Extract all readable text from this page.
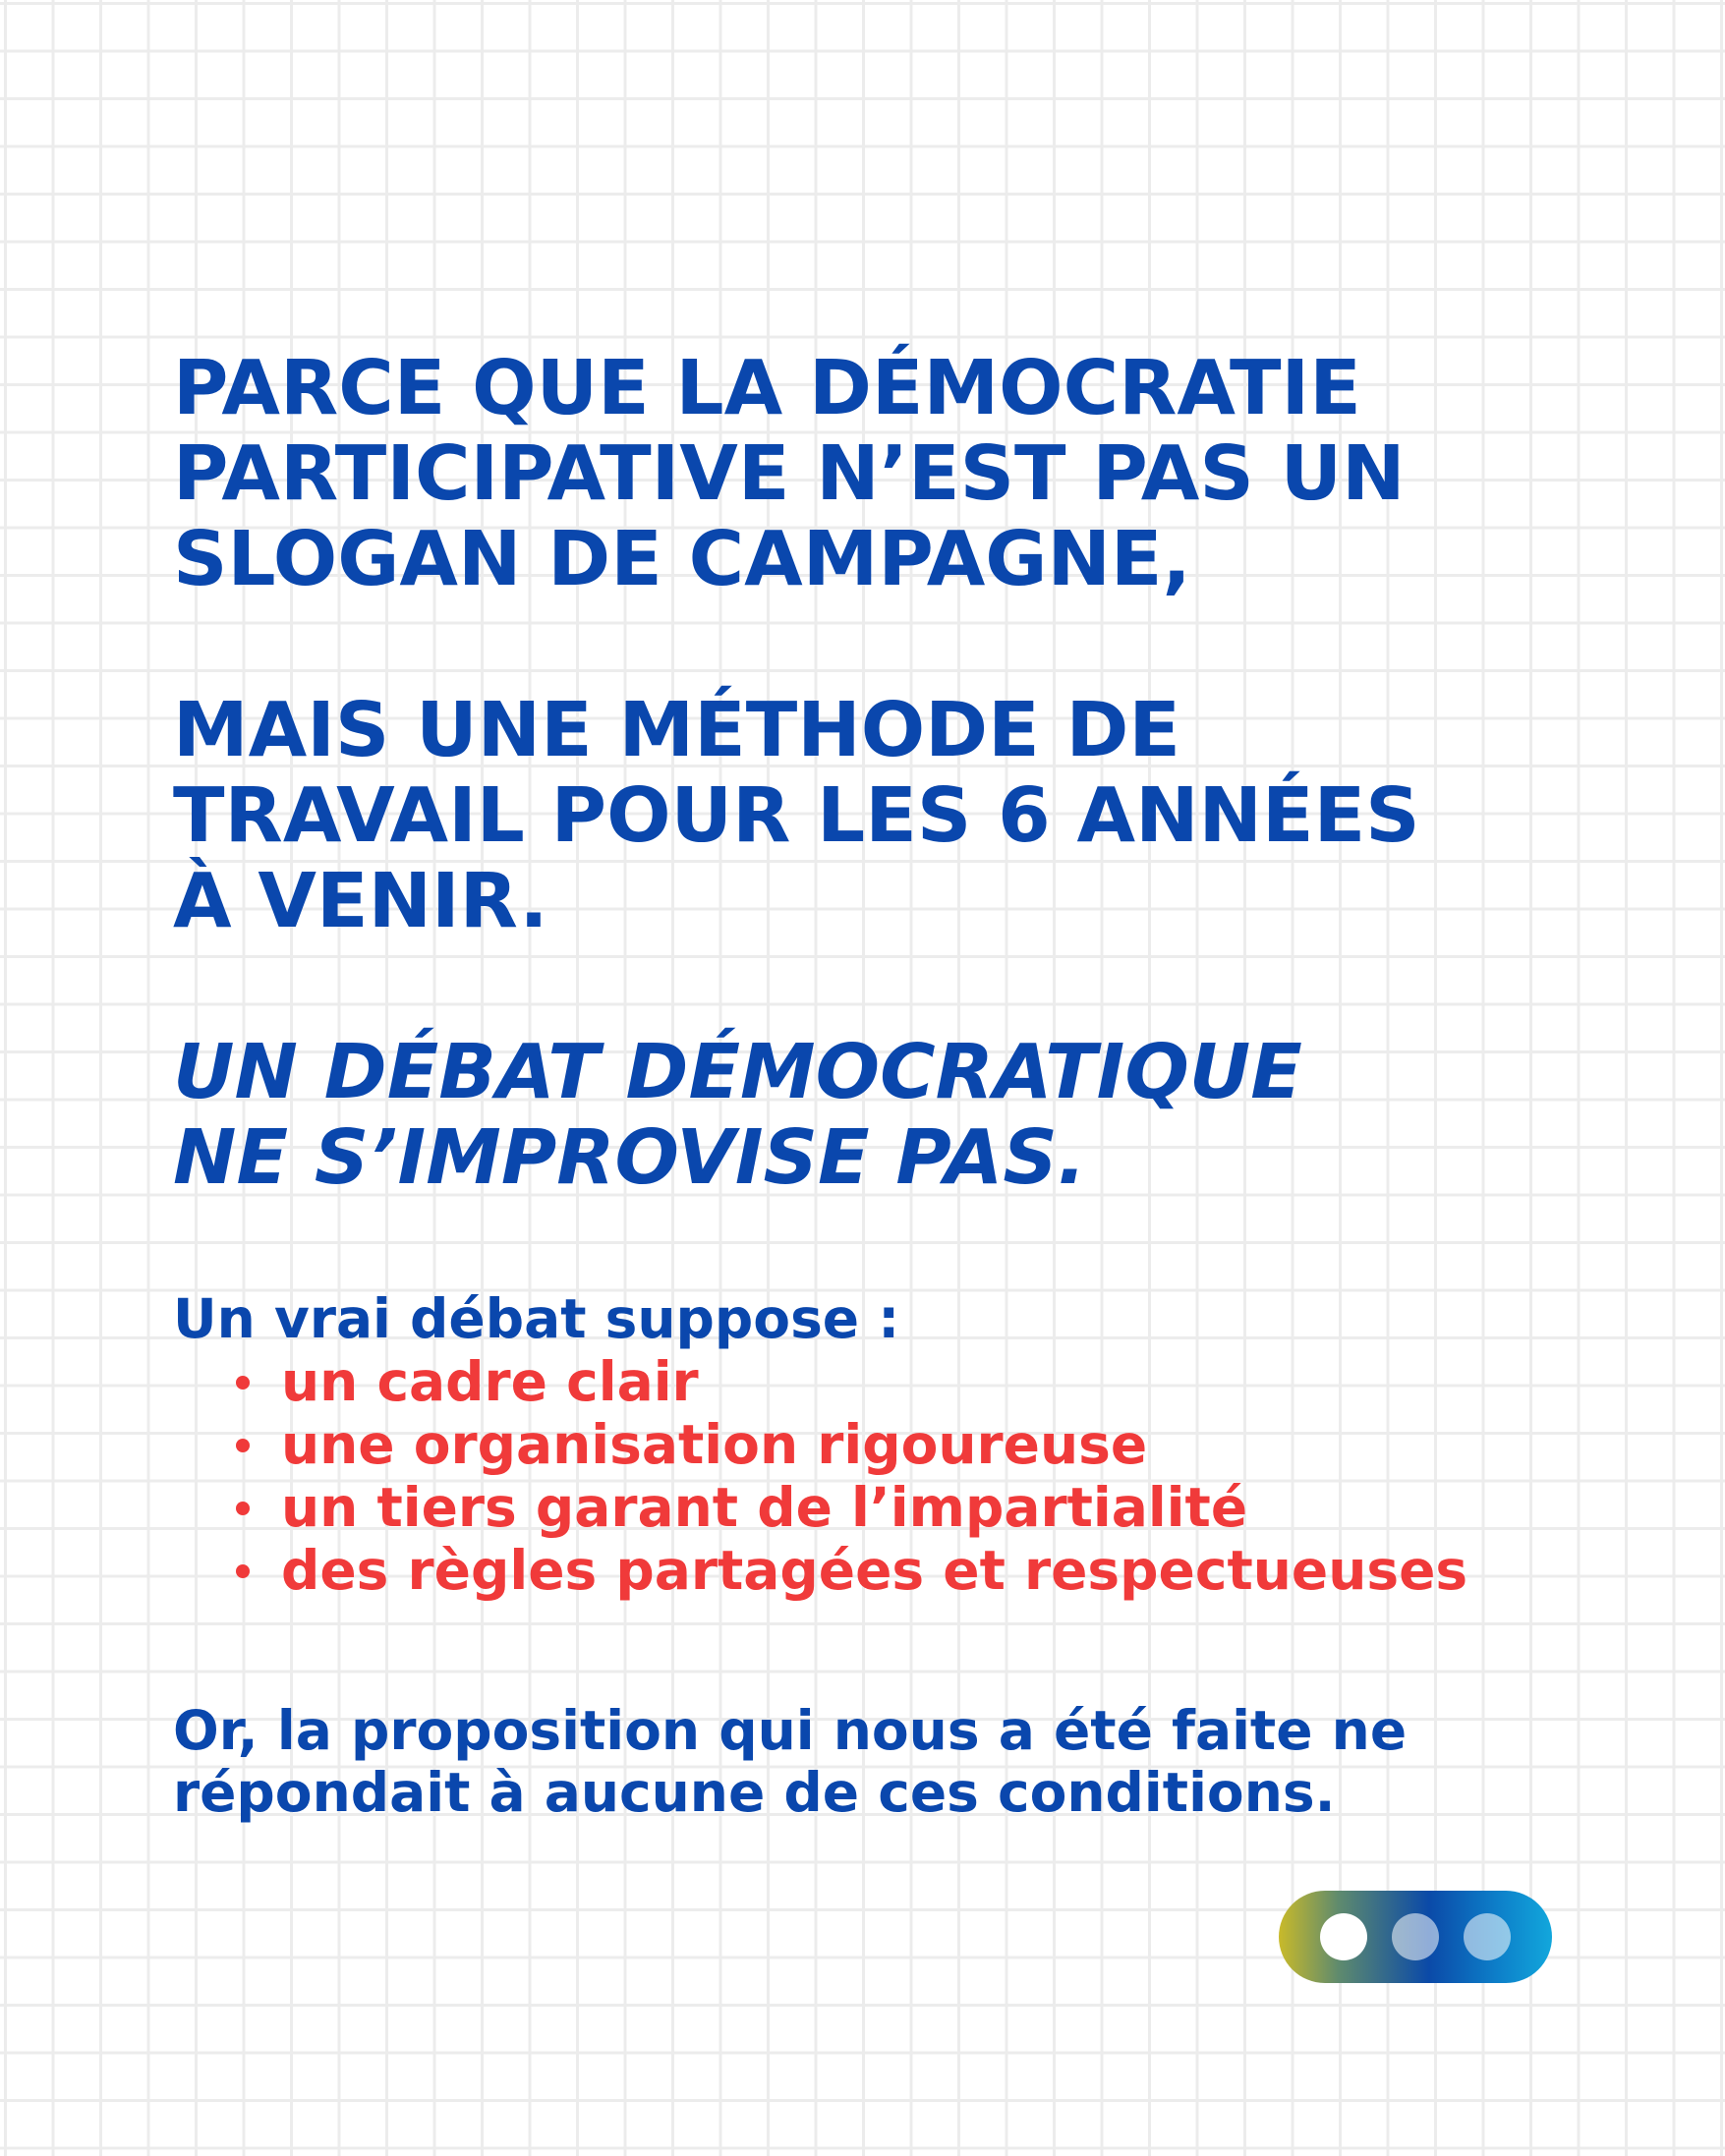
PARCE QUE LA DÉMOCRATIE
PARTICIPATIVE N’EST PAS UN
SLOGAN DE CAMPAGNE,
MAIS UNE MÉTHODE DE
TRAVAIL POUR LES 6 ANNÉES
À VENIR.
UN DÉBAT DÉMOCRATIQUE
NE S’IMPROVISE PAS.

Un vrai débat suppose :

un cadre clair
une organisation rigoureuse
un tiers garant de l’impartialité
des règles partagées et respectueuses

Or, la proposition qui nous a été faite ne
répondait à aucune de ces conditions.
